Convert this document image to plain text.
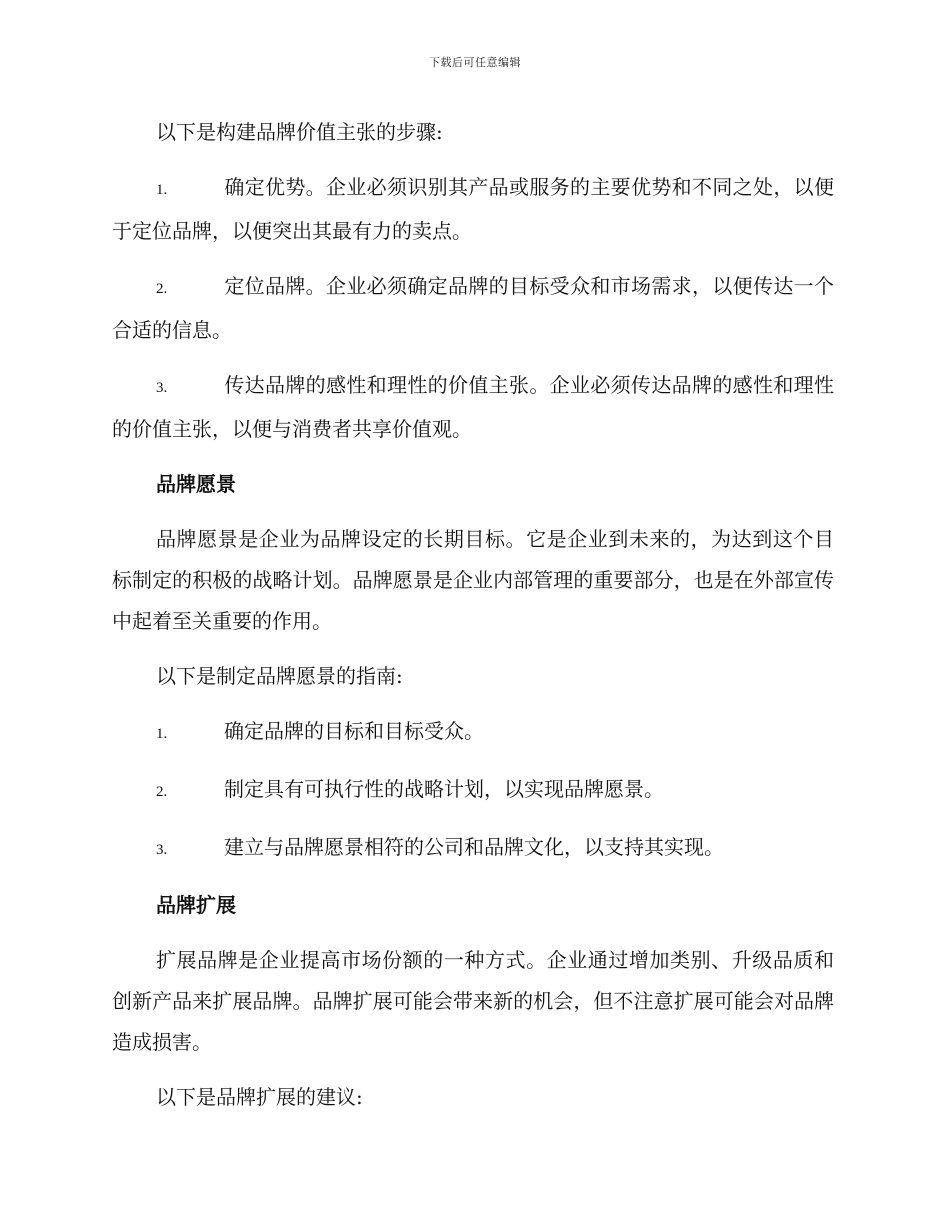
下载后可任意编辑

以下是构建品牌价值主张的步骤:

1.	确定优势。企业必须识别其产品或服务的主要优势和不同之处，以便于定位品牌，以便突出其最有力的卖点。
2.	定位品牌。企业必须确定品牌的目标受众和市场需求，以便传达一个合适的信息。
3.	传达品牌的感性和理性的价值主张。企业必须传达品牌的感性和理性的价值主张，以便与消费者共享价值观。
品牌愿景

品牌愿景是企业为品牌设定的长期目标。它是企业到未来的，为达到这个目标制定的积极的战略计划。品牌愿景是企业内部管理的重要部分，也是在外部宣传中起着至关重要的作用。

以下是制定品牌愿景的指南:

1.	确定品牌的目标和目标受众。
2.	制定具有可执行性的战略计划，以实现品牌愿景。
3.	建立与品牌愿景相符的公司和品牌文化，以支持其实现。
品牌扩展

扩展品牌是企业提高市场份额的一种方式。企业通过增加类别、升级品质和创新产品来扩展品牌。品牌扩展可能会带来新的机会，但不注意扩展可能会对品牌造成损害。

以下是品牌扩展的建议:
